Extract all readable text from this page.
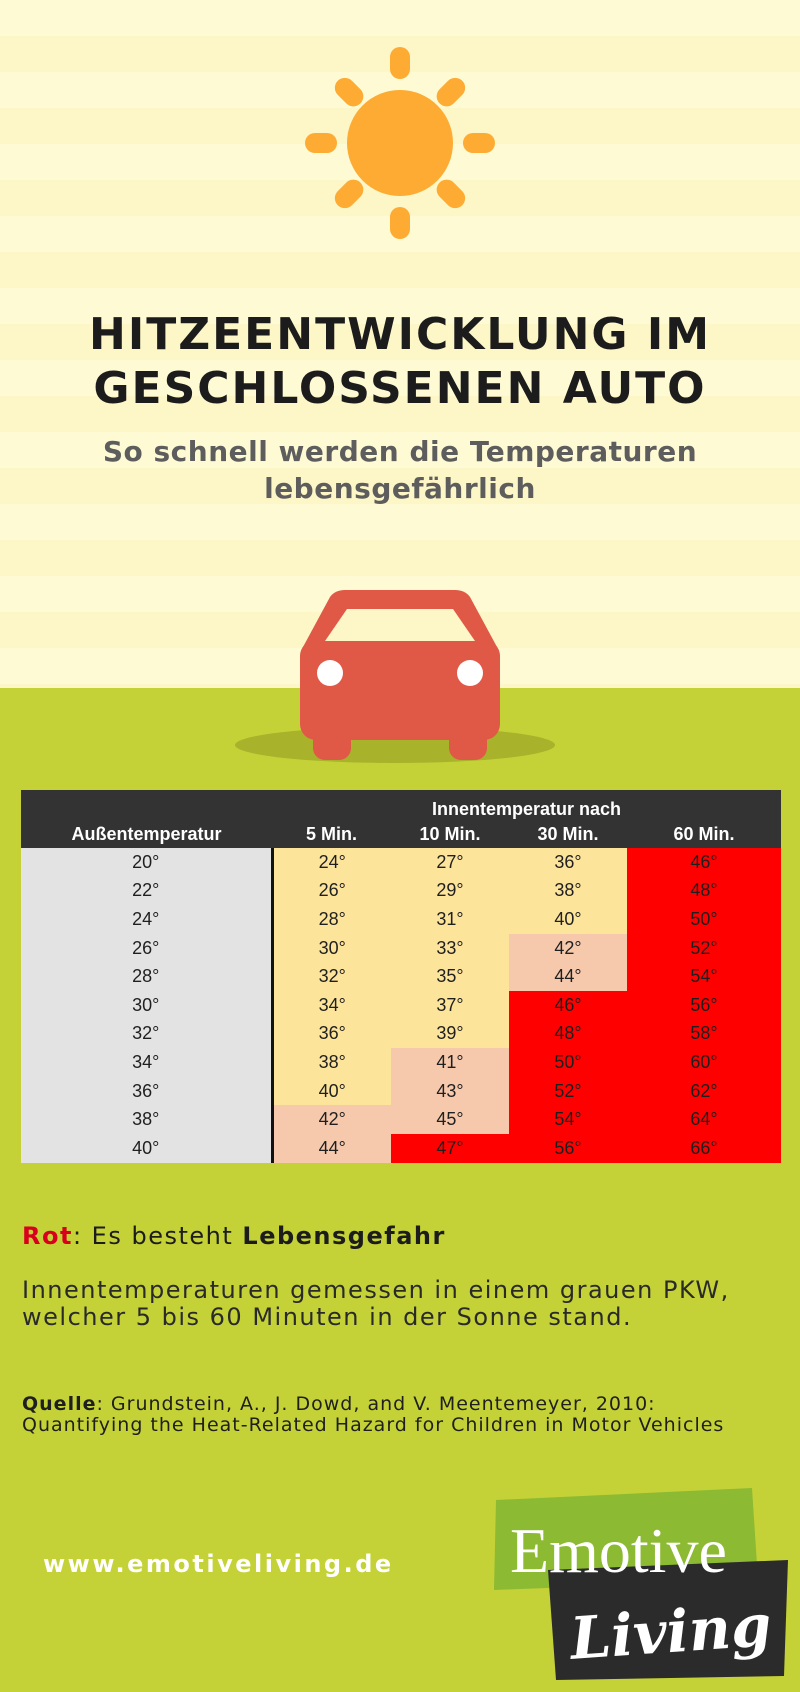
HITZEENTWICKLUNG IM
GESCHLOSSENEN AUTO
So schnell werden die Temperaturen
lebensgefährlich
	Innentemperatur nach			
Außentemperatur	5 Min.	10 Min.	30 Min.	60 Min.
20°	24°	27°	36°	46°
22°	26°	29°	38°	48°
24°	28°	31°	40°	50°
26°	30°	33°	42°	52°
28°	32°	35°	44°	54°
30°	34°	37°	46°	56°
32°	36°	39°	48°	58°
34°	38°	41°	50°	60°
36°	40°	43°	52°	62°
38°	42°	45°	54°	64°
40°	44°	47°	56°	66°
Rot: Es besteht Lebensgefahr
Innentemperaturen gemessen in einem grauen PKW, welcher 5 bis 60 Minuten in der Sonne stand.
Quelle: Grundstein, A., J. Dowd, and V. Meentemeyer, 2010: Quantifying the Heat-Related Hazard for Children in Motor Vehicles
www.emotiveliving.de Emotive
Living
